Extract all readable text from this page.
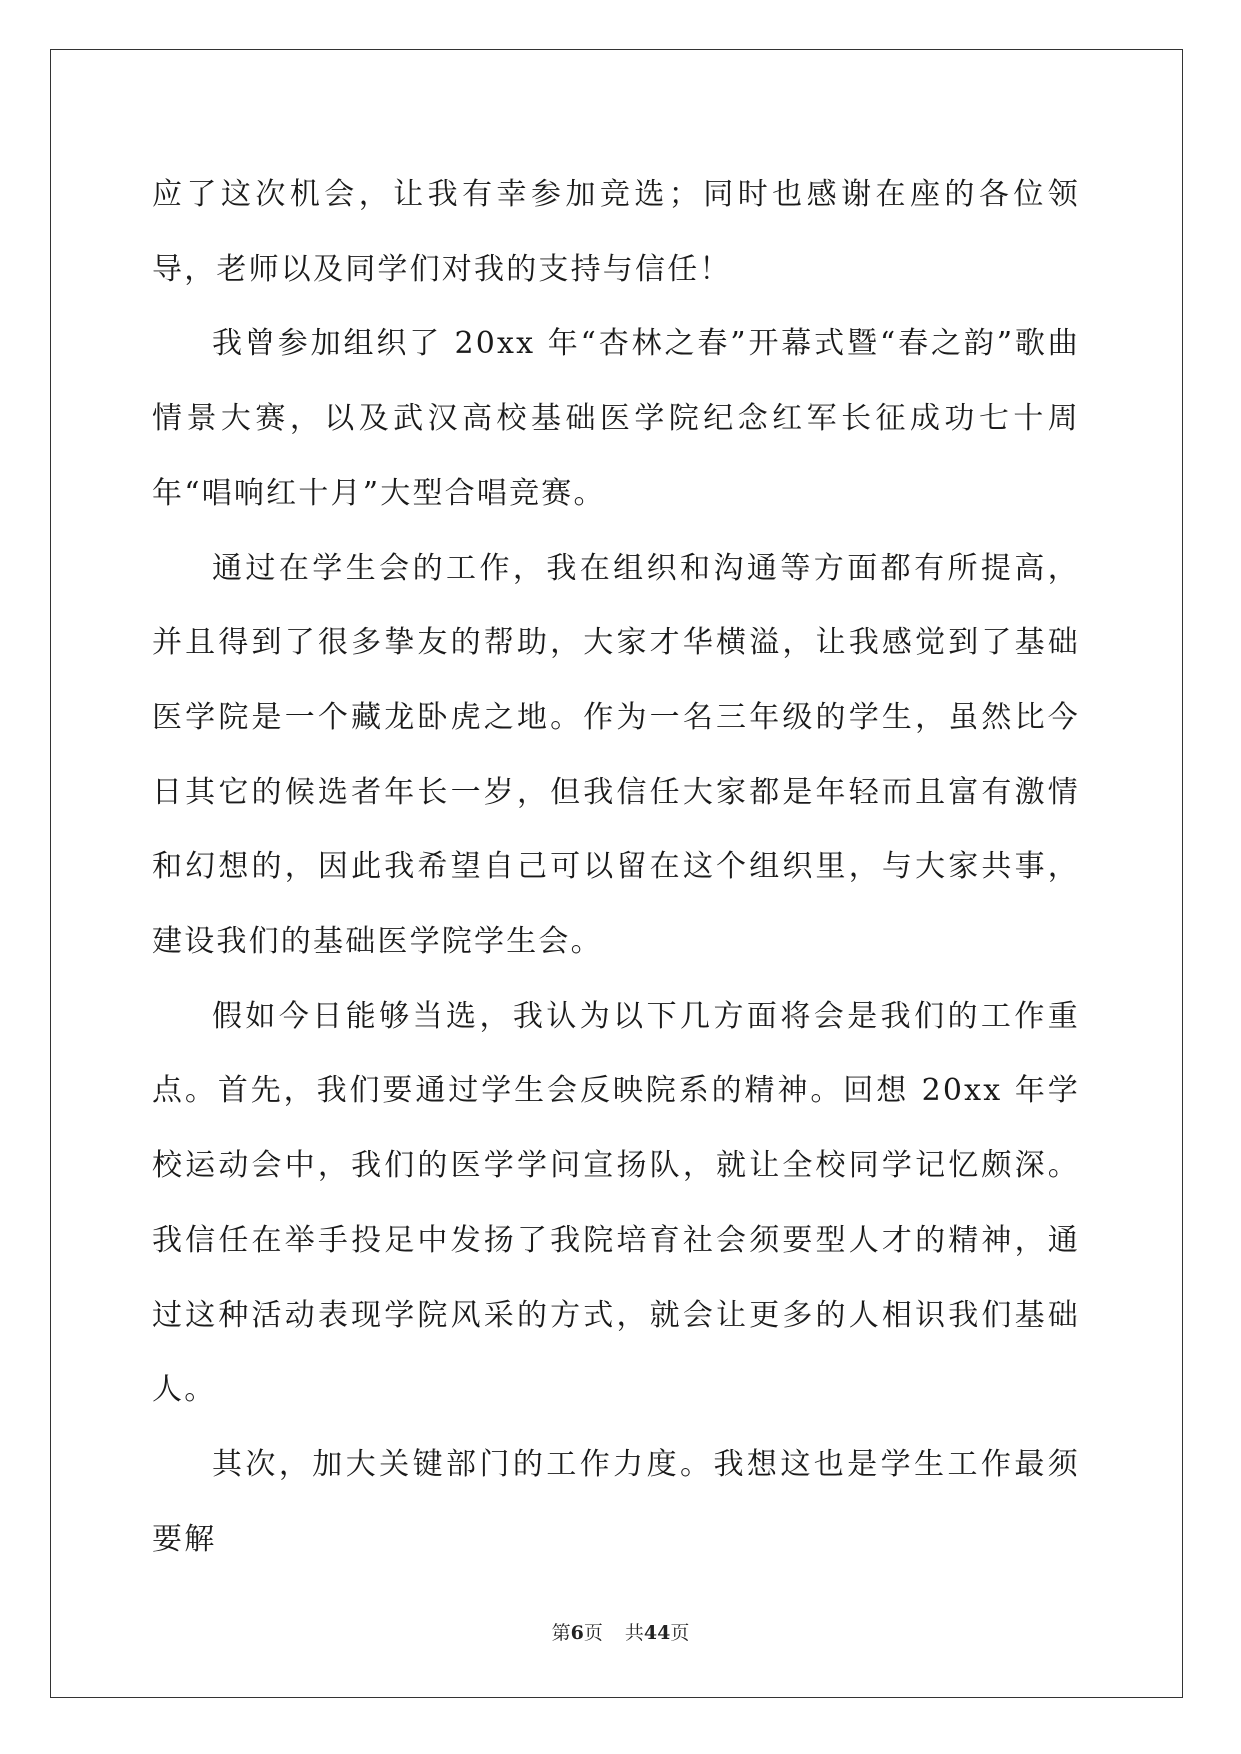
应了这次机会，让我有幸参加竞选；同时也感谢在座的各位领导，老师以及同学们对我的支持与信任！

我曾参加组织了 20xx 年“杏林之春”开幕式暨“春之韵”歌曲情景大赛，以及武汉高校基础医学院纪念红军长征成功七十周年“唱响红十月”大型合唱竞赛。

通过在学生会的工作，我在组织和沟通等方面都有所提高，并且得到了很多挚友的帮助，大家才华横溢，让我感觉到了基础医学院是一个藏龙卧虎之地。作为一名三年级的学生，虽然比今日其它的候选者年长一岁，但我信任大家都是年轻而且富有激情和幻想的，因此我希望自己可以留在这个组织里，与大家共事，建设我们的基础医学院学生会。

假如今日能够当选，我认为以下几方面将会是我们的工作重点。首先，我们要通过学生会反映院系的精神。回想 20xx 年学校运动会中，我们的医学学问宣扬队，就让全校同学记忆颇深。我信任在举手投足中发扬了我院培育社会须要型人才的精神，通过这种活动表现学院风采的方式，就会让更多的人相识我们基础人。

其次，加大关键部门的工作力度。我想这也是学生工作最须要解

第6页 共44页
